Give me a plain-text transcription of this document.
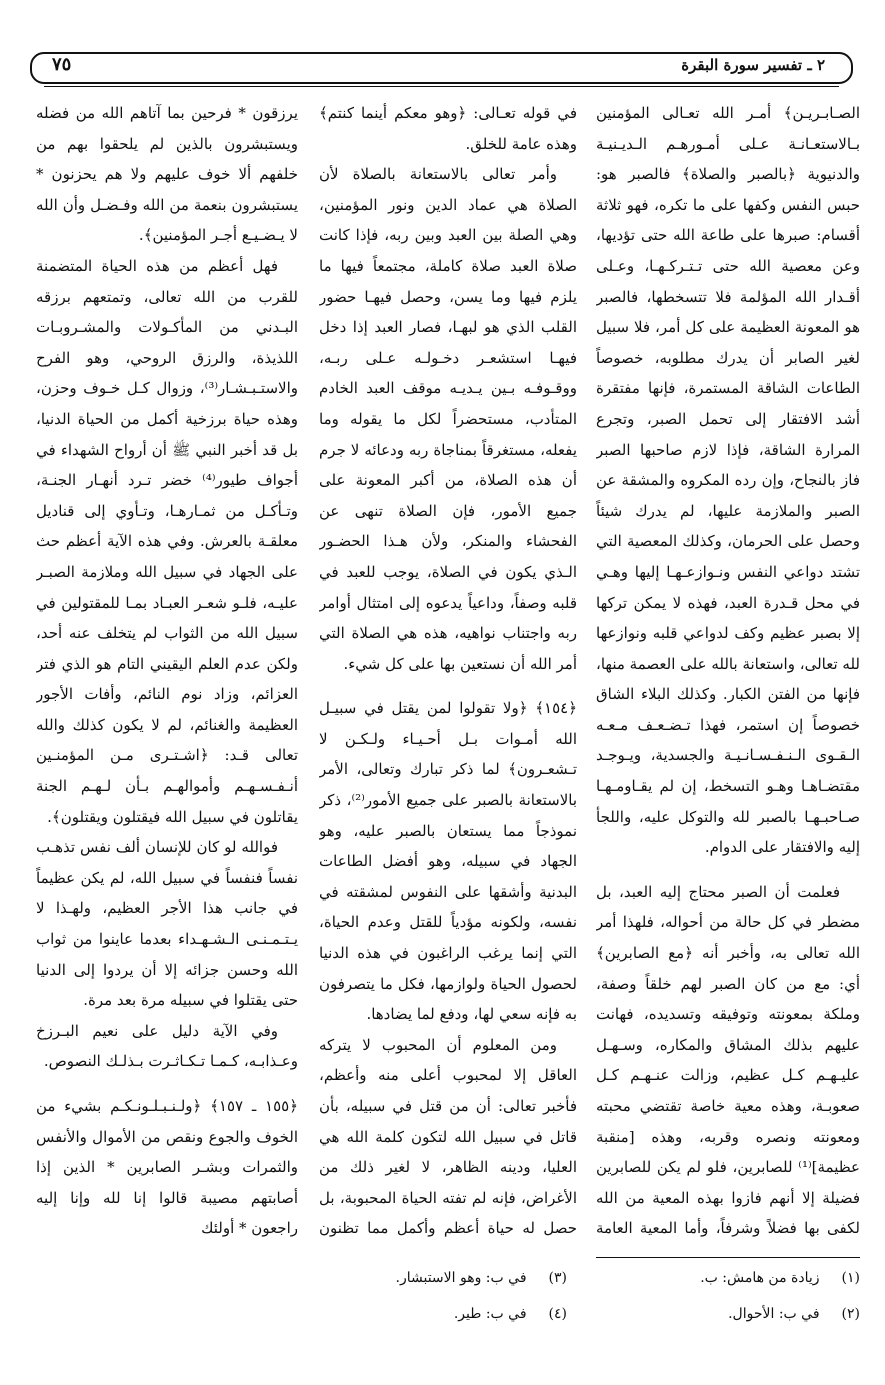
٢ ـ تفسير سورة البقرة
٧٥

الصـابـريـن﴾ أمـر الله تعـالى المؤمنين بـالاستعـانـة عـلى أمـورهـم الـديـنيـة والدنيوية ﴿بالصبر والصلاة﴾ فالصبر هو: حبس النفس وكفها على ما تكره، فهو ثلاثة أقسام: صبرها على طاعة الله حتى تؤديها، وعن معصية الله حتى تـتـركـهـا، وعـلى أقـدار الله المؤلمة فلا تتسخطها، فالصبر هو المعونة العظيمة على كل أمر، فلا سبيل لغير الصابر أن يدرك مطلوبه، خصوصاً الطاعات الشاقة المستمرة، فإنها مفتقرة أشد الافتقار إلى تحمل الصبر، وتجرع المرارة الشاقة، فإذا لازم صاحبها الصبر فاز بالنجاح، وإن رده المكروه والمشقة عن الصبر والملازمة عليها، لم يدرك شيئاً وحصل على الحرمان، وكذلك المعصية التي تشتد دواعي النفس ونـوازعـهـا إليها وهـي في محل قـدرة العبد، فهذه لا يمكن تركها إلا بصبر عظيم وكف لدواعي قلبه ونوازعها لله تعالى، واستعانة بالله على العصمة منها، فإنها من الفتن الكبار. وكذلك البلاء الشاق خصوصاً إن استمر، فهذا تـضـعـف مـعـه الـقـوى الـنـفـسـانـيـة والجسدية، ويـوجـد مقتضـاهـا وهـو التسخط، إن لم يقـاومـهـا صـاحبـهـا بالصبر لله والتوكل عليه، واللجأ إليه والافتقار على الدوام.

فعلمت أن الصبر محتاج إليه العبد، بل مضطر في كل حالة من أحواله، فلهذا أمر الله تعالى به، وأخبر أنه ﴿مع الصابرين﴾ أي: مع من كان الصبر لهم خلقاً وصفة، وملكة بمعونته وتوفيقه وتسديده، فهانت عليهم بذلك المشاق والمكاره، وسـهـل عليـهـم كـل عظيم، وزالت عنـهـم كـل صعوبـة، وهذه معية خاصة تقتضي محبته ومعونته ونصره وقربه، وهذه [منقبة عظيمة]⁽¹⁾ للصابرين، فلو لم يكن للصابرين فضيلة إلا أنهم فازوا بهذه المعية من الله لكفى بها فضلاً وشرفاً، وأما المعية العامة

في قوله تعـالى: ﴿وهو معكم أينما كنتم﴾ وهذه عامة للخلق.

وأمر تعالى بالاستعانة بالصلاة لأن الصلاة هي عماد الدين ونور المؤمنين، وهي الصلة بين العبد وبين ربه، فإذا كانت صلاة العبد صلاة كاملة، مجتمعاً فيها ما يلزم فيها وما يسن، وحصل فيهـا حضور القلب الذي هو لبهـا، فصار العبد إذا دخل فيهـا استشعـر دخـولـه عـلى ربـه، ووقـوفـه بـين يـديـه موقف العبد الخادم المتأدب، مستحضراً لكل ما يقوله وما يفعله، مستغرقاً بمناجاة ربه ودعائه لا جرم أن هذه الصلاة، من أكبر المعونة على جميع الأمور، فإن الصلاة تنهى عن الفحشاء والمنكر، ولأن هـذا الحضـور الـذي يكون في الصلاة، يوجب للعبد في قلبه وصفاً، وداعياً يدعوه إلى امتثال أوامر ربه واجتناب نواهيه، هذه هي الصلاة التي أمر الله أن نستعين بها على كل شيء.

﴿١٥٤﴾ ﴿ولا تقولوا لمن يقتل في سبيـل الله أمـوات بـل أحـيـاء ولـكـن لا تـشعـرون﴾ لما ذكر تبارك وتعالى، الأمر بالاستعانة بالصبر على جميع الأمور⁽²⁾، ذكر نموذجاً مما يستعان بالصبر عليه، وهو الجهاد في سبيله، وهو أفضل الطاعات البدنية وأشقها على النفوس لمشقته في نفسه، ولكونه مؤدياً للقتل وعدم الحياة، التي إنما يرغب الراغبون في هذه الدنيا لحصول الحياة ولوازمها، فكل ما يتصرفون به فإنه سعي لها، ودفع لما يضادها.

ومن المعلوم أن المحبوب لا يتركه العاقل إلا لمحبوب أعلى منه وأعظم، فأخبر تعالى: أن من قتل في سبيله، بأن قاتل في سبيل الله لتكون كلمة الله هي العليا، ودينه الظاهر، لا لغير ذلك من الأغراض، فإنه لم تفته الحياة المحبوبة، بل حصل له حياة أعظم وأكمل مما تظنون

يرزقون * فرحين بما آتاهم الله من فضله ويستبشرون بالذين لم يلحقوا بهم من خلفهم ألا خوف عليهم ولا هم يحزنون * يستبشرون بنعمة من الله وفـضـل وأن الله لا يـضـيـع أجـر المؤمنين﴾.

فهل أعظم من هذه الحياة المتضمنة للقرب من الله تعالى، وتمتعهم برزقه البـدني من المأكـولات والمشـروبـات اللذيذة، والرزق الروحي، وهو الفرح والاستـبـشـار⁽³⁾، وزوال كـل خـوف وحزن، وهذه حياة برزخية أكمل من الحياة الدنيا، بل قد أخبر النبي ﷺ أن أرواح الشهداء في أجواف طيور⁽⁴⁾ خضر تـرد أنهـار الجنـة، وتـأكـل من ثمـارهـا، وتـأوي إلى قناديل معلقـة بالعرش. وفي هذه الآية أعظم حث على الجهاد في سبيل الله وملازمة الصبـر عليـه، فلـو شعـر العبـاد بمـا للمقتولين في سبيل الله من الثواب لم يتخلف عنه أحد، ولكن عدم العلم اليقيني التام هو الذي فتر العزائم، وزاد نوم النائم، وأفات الأجور العظيمة والغنائم، لم لا يكون كذلك والله تعالى قـد: ﴿اشـتـرى مـن المؤمنـين أنـفـسـهـم وأموالهـم بـأن لـهـم الجنة يقاتلون في سبيل الله فيقتلون ويقتلون﴾.

فوالله لو كان للإنسان ألف نفس تذهـب نفساً فنفساً في سبيل الله، لم يكن عظيماً في جانب هذا الأجر العظيم، ولهـذا لا يـتـمـنـى الـشـهـداء بعدما عاينوا من ثواب الله وحسن جزائه إلا أن يردوا إلى الدنيا حتى يقتلوا في سبيله مرة بعد مرة.

وفي الآية دليل على نعيم البـرزخ وعـذابـه، كـمـا تـكـاثـرت بـذلـك النصوص.

﴿١٥٥ ـ ١٥٧﴾ ﴿ولـنـبـلـونـكـم بشيء من الخوف والجوع ونقص من الأموال والأنفس والثمرات وبشـر الصابرين * الذين إذا أصابتهم مصيبة قالوا إنا لله وإنا إليه راجعون * أولئك

(١)زيادة من هامش: ب.
(٢)في ب: الأحوال.
(٣)في ب: وهو الاستبشار.
(٤)في ب: طير.
